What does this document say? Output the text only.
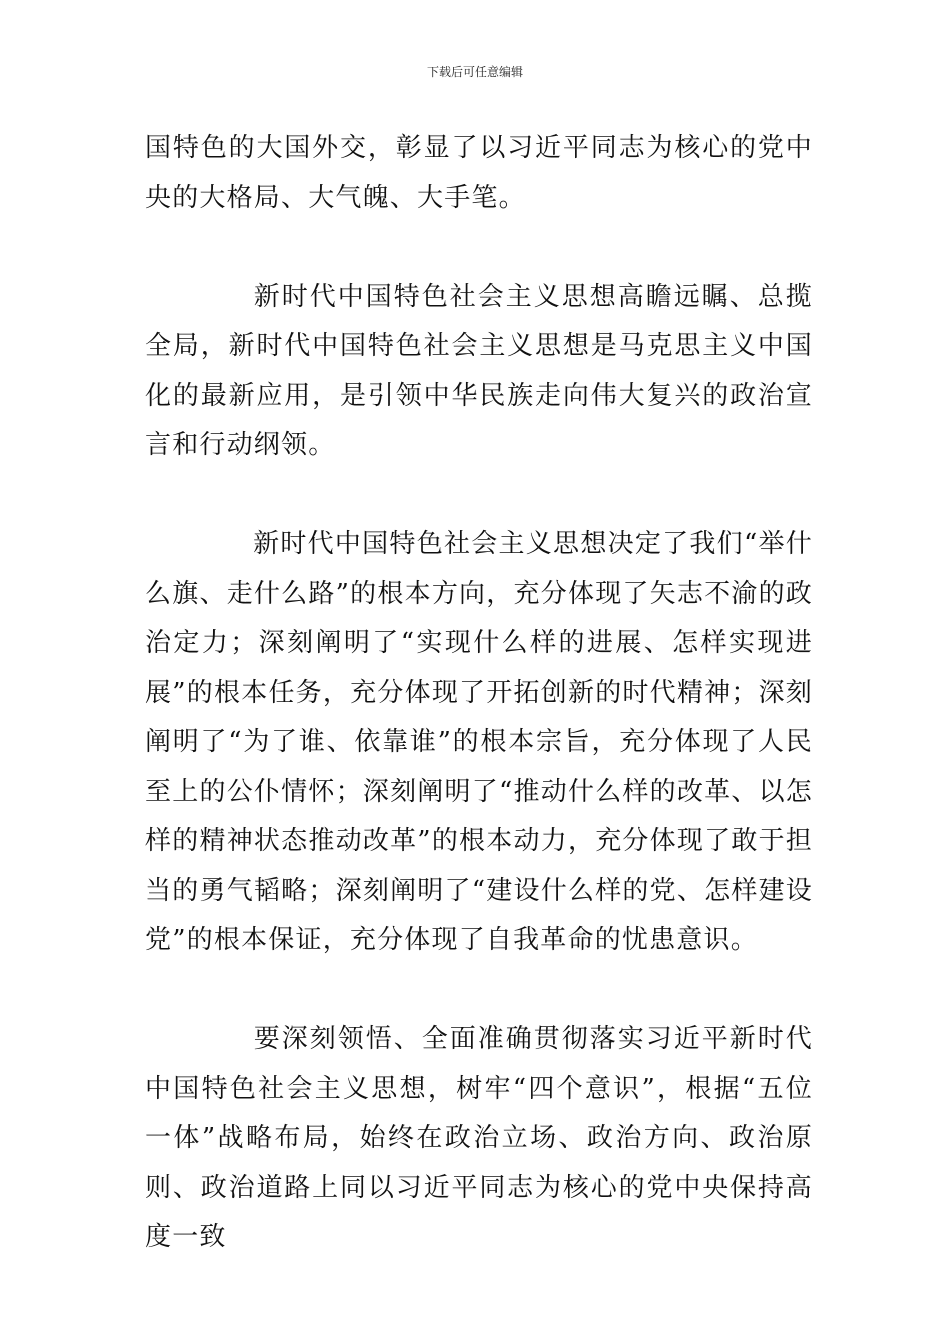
下载后可任意编辑

国特色的大国外交，彰显了以习近平同志为核心的党中央的大格局、大气魄、大手笔。

新时代中国特色社会主义思想高瞻远瞩、总揽全局，新时代中国特色社会主义思想是马克思主义中国化的最新应用，是引领中华民族走向伟大复兴的政治宣言和行动纲领。

新时代中国特色社会主义思想决定了我们“举什么旗、走什么路”的根本方向，充分体现了矢志不渝的政治定力；深刻阐明了“实现什么样的进展、怎样实现进展”的根本任务，充分体现了开拓创新的时代精神；深刻阐明了“为了谁、依靠谁”的根本宗旨，充分体现了人民至上的公仆情怀；深刻阐明了“推动什么样的改革、以怎样的精神状态推动改革”的根本动力，充分体现了敢于担当的勇气韬略；深刻阐明了“建设什么样的党、怎样建设党”的根本保证，充分体现了自我革命的忧患意识。

要深刻领悟、全面准确贯彻落实习近平新时代中国特色社会主义思想，树牢“四个意识”，根据“五位一体”战略布局，始终在政治立场、政治方向、政治原则、政治道路上同以习近平同志为核心的党中央保持高度一致
